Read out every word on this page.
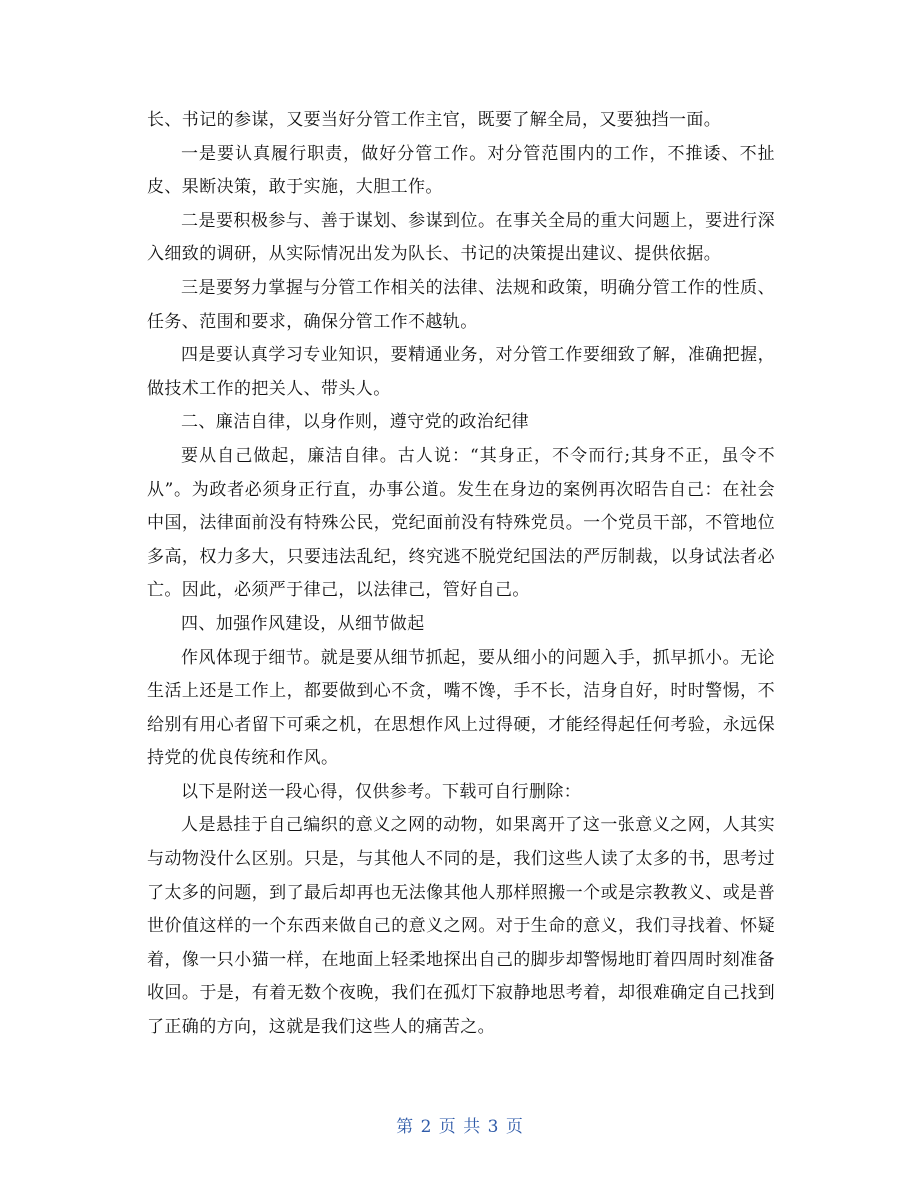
长、书记的参谋，又要当好分管工作主官，既要了解全局，又要独挡一面。

一是要认真履行职责，做好分管工作。对分管范围内的工作，不推诿、不扯皮、果断决策，敢于实施，大胆工作。

二是要积极参与、善于谋划、参谋到位。在事关全局的重大问题上，要进行深入细致的调研，从实际情况出发为队长、书记的决策提出建议、提供依据。

三是要努力掌握与分管工作相关的法律、法规和政策，明确分管工作的性质、任务、范围和要求，确保分管工作不越轨。

四是要认真学习专业知识，要精通业务，对分管工作要细致了解，准确把握，做技术工作的把关人、带头人。

二、廉洁自律，以身作则，遵守党的政治纪律

要从自己做起，廉洁自律。古人说：“其身正，不令而行;其身不正，虽令不从”。为政者必须身正行直，办事公道。发生在身边的案例再次昭告自己：在社会中国，法律面前没有特殊公民，党纪面前没有特殊党员。一个党员干部，不管地位多高，权力多大，只要违法乱纪，终究逃不脱党纪国法的严厉制裁，以身试法者必亡。因此，必须严于律己，以法律己，管好自己。

四、加强作风建设，从细节做起

作风体现于细节。就是要从细节抓起，要从细小的问题入手，抓早抓小。无论生活上还是工作上，都要做到心不贪，嘴不馋，手不长，洁身自好，时时警惕，不给别有用心者留下可乘之机，在思想作风上过得硬，才能经得起任何考验，永远保持党的优良传统和作风。

以下是附送一段心得，仅供参考。下载可自行删除：

人是悬挂于自己编织的意义之网的动物，如果离开了这一张意义之网，人其实与动物没什么区别。只是，与其他人不同的是，我们这些人读了太多的书，思考过了太多的问题，到了最后却再也无法像其他人那样照搬一个或是宗教教义、或是普世价值这样的一个东西来做自己的意义之网。对于生命的意义，我们寻找着、怀疑着，像一只小猫一样，在地面上轻柔地探出自己的脚步却警惕地盯着四周时刻准备收回。于是，有着无数个夜晚，我们在孤灯下寂静地思考着，却很难确定自己找到了正确的方向，这就是我们这些人的痛苦之。

第 2 页 共 3 页
